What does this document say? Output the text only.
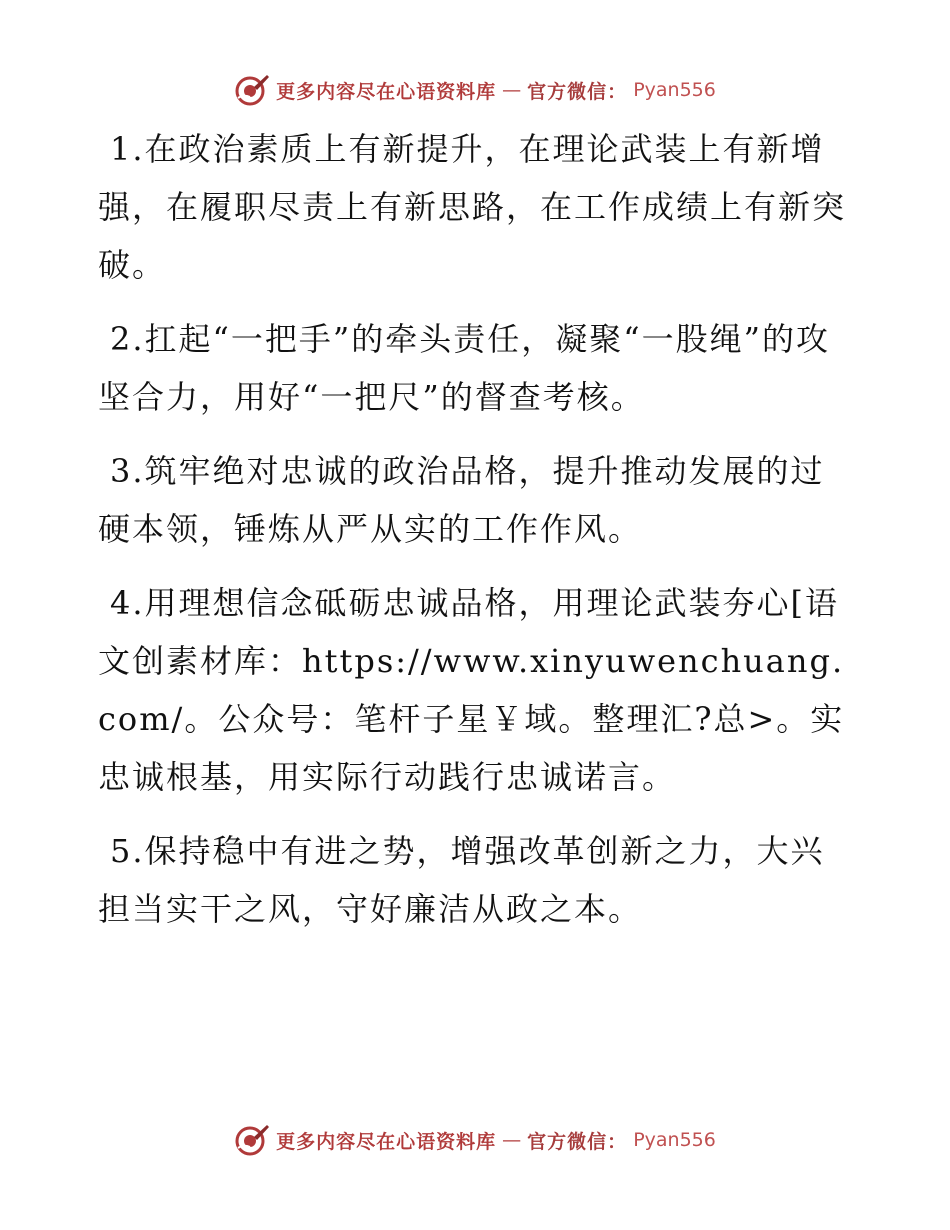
更多内容尽在心语资料库 — 官方微信： Pyan556

1.在政治素质上有新提升，在理论武装上有新增强，在履职尽责上有新思路，在工作成绩上有新突破。

2.扛起“一把手”的牵头责任，凝聚“一股绳”的攻坚合力，用好“一把尺”的督查考核。

3.筑牢绝对忠诚的政治品格，提升推动发展的过硬本领，锤炼从严从实的工作作风。

4.用理想信念砥砺忠诚品格，用理论武装夯心[语文创素材库：https://www.xinyuwenchuang.com/。公众号：笔杆子星￥域。整理汇?总>。实忠诚根基，用实际行动践行忠诚诺言。

5.保持稳中有进之势，增强改革创新之力，大兴担当实干之风，守好廉洁从政之本。

更多内容尽在心语资料库 — 官方微信： Pyan556
